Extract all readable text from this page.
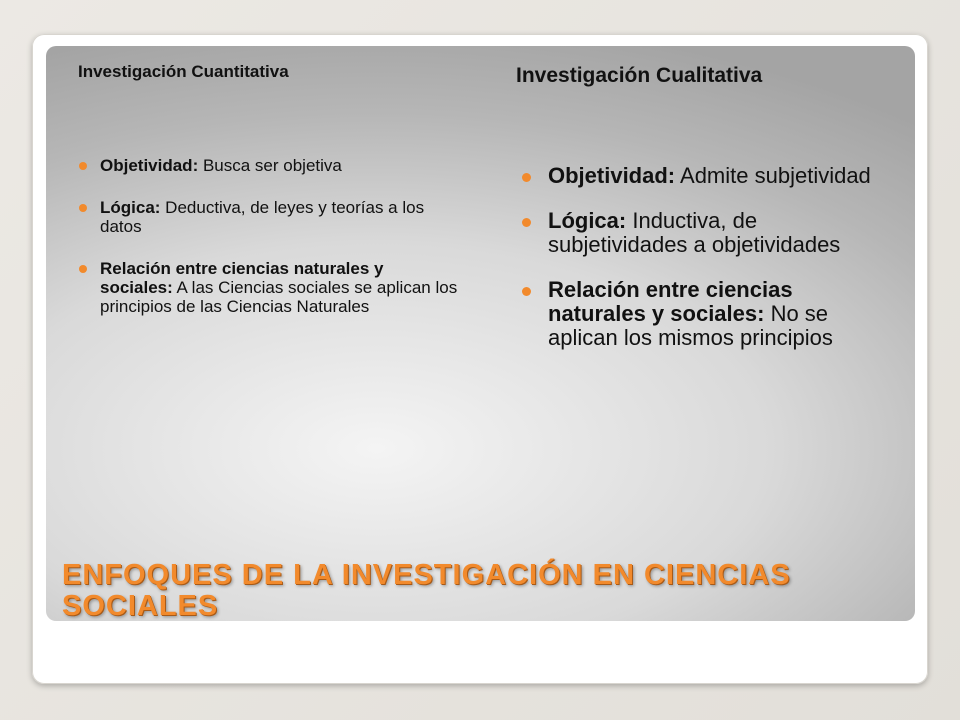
Investigación Cuantitativa
Objetividad: Busca ser objetiva
Lógica: Deductiva, de leyes y teorías a los datos
Relación entre ciencias naturales y sociales: A las Ciencias sociales se aplican los principios de las Ciencias Naturales
Investigación Cualitativa
Objetividad: Admite subjetividad
Lógica: Inductiva, de subjetividades a objetividades
Relación entre ciencias naturales y sociales: No se aplican los mismos principios
ENFOQUES DE LA INVESTIGACIÓN EN CIENCIAS SOCIALES
